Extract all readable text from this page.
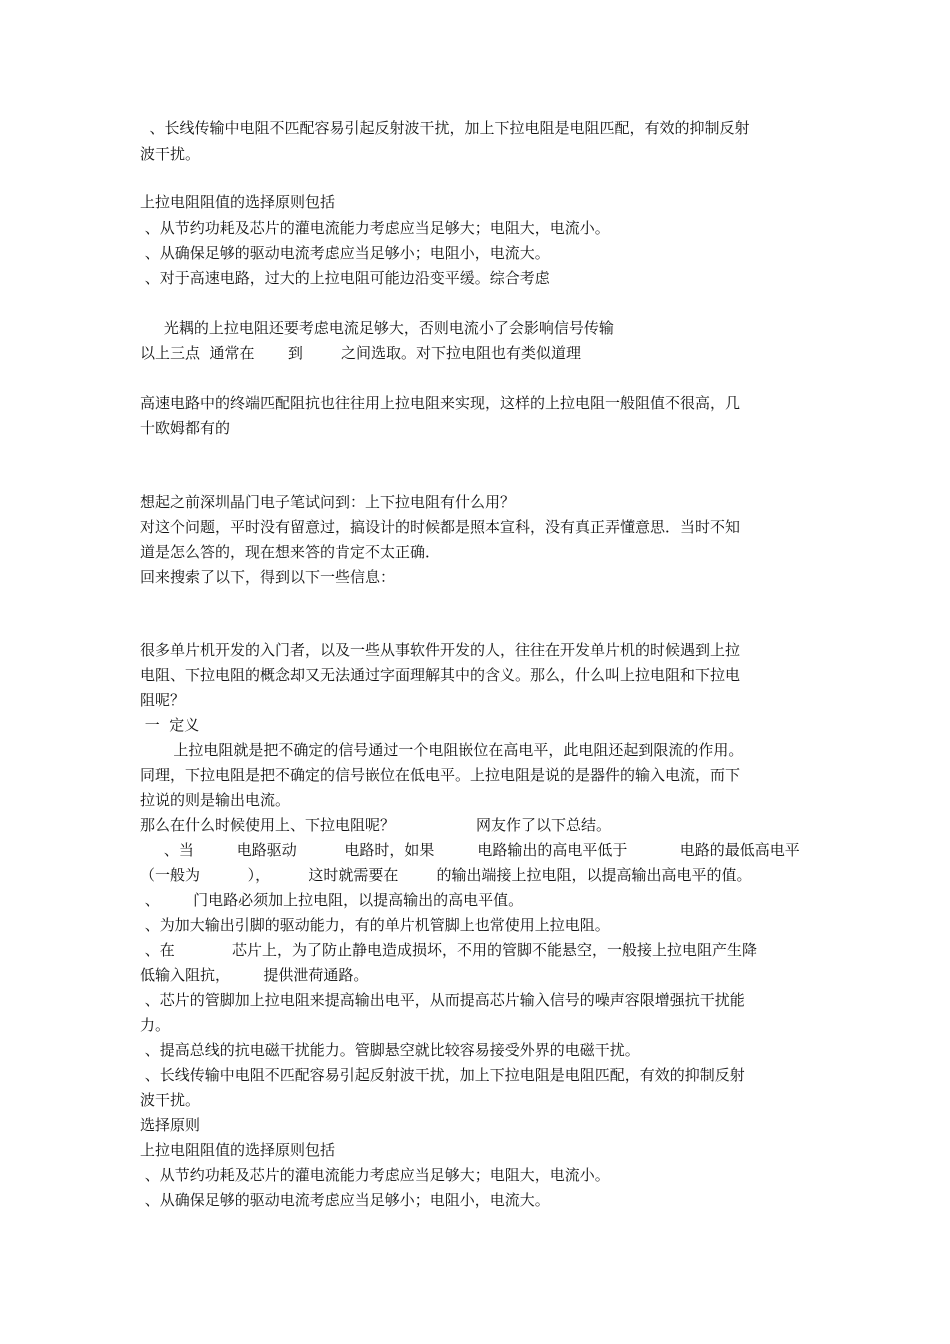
、长线传输中电阻不匹配容易引起反射波干扰，加上下拉电阻是电阻匹配，有效的抑制反射
波干扰。
上拉电阻阻值的选择原则包括
、从节约功耗及芯片的灌电流能力考虑应当足够大；电阻大，电流小。
、从确保足够的驱动电流考虑应当足够小；电阻小，电流大。
、对于高速电路，过大的上拉电阻可能边沿变平缓。综合考虑
光耦的上拉电阻还要考虑电流足够大，否则电流小了会影响信号传输
以上三点  通常在       到        之间选取。对下拉电阻也有类似道理
高速电路中的终端匹配阻抗也往往用上拉电阻来实现，这样的上拉电阻一般阻值不很高，几
十欧姆都有的
想起之前深圳晶门电子笔试问到：上下拉电阻有什么用？
对这个问题，平时没有留意过，搞设计的时候都是照本宣科，没有真正弄懂意思．当时不知
道是怎么答的，现在想来答的肯定不太正确．
回来搜索了以下，得到以下一些信息：
很多单片机开发的入门者，以及一些从事软件开发的人，往往在开发单片机的时候遇到上拉
电阻、下拉电阻的概念却又无法通过字面理解其中的含义。那么，什么叫上拉电阻和下拉电
阻呢？
一  定义
上拉电阻就是把不确定的信号通过一个电阻嵌位在高电平，此电阻还起到限流的作用。
同理，下拉电阻是把不确定的信号嵌位在低电平。上拉电阻是说的是器件的输入电流，而下
拉说的则是输出电流。
那么在什么时候使用上、下拉电阻呢？                 网友作了以下总结。
、当         电路驱动          电路时，如果         电路输出的高电平低于           电路的最低高电平
（一般为          ），        这时就需要在        的输出端接上拉电阻，以提高输出高电平的值。
、       门电路必须加上拉电阻，以提高输出的高电平值。
、为加大输出引脚的驱动能力，有的单片机管脚上也常使用上拉电阻。
、在            芯片上，为了防止静电造成损坏，不用的管脚不能悬空，一般接上拉电阻产生降
低输入阻抗，       提供泄荷通路。
、芯片的管脚加上拉电阻来提高输出电平，从而提高芯片输入信号的噪声容限增强抗干扰能
力。
、提高总线的抗电磁干扰能力。管脚悬空就比较容易接受外界的电磁干扰。
、长线传输中电阻不匹配容易引起反射波干扰，加上下拉电阻是电阻匹配，有效的抑制反射
波干扰。
选择原则
上拉电阻阻值的选择原则包括
、从节约功耗及芯片的灌电流能力考虑应当足够大；电阻大，电流小。
、从确保足够的驱动电流考虑应当足够小；电阻小，电流大。
